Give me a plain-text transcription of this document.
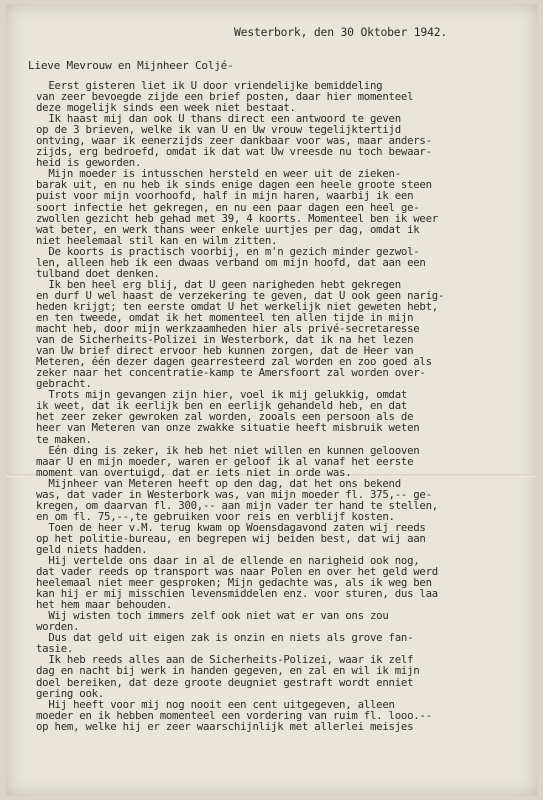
Westerbork, den 30 Oktober 1942.
Lieve Mevrouw en Mijnheer Coljé-
Eerst gisteren liet ik U door vriendelijke bemiddeling
van zeer bevoegde zijde een brief posten, daar hier momenteel
deze mogelijk sinds een week niet bestaat.
Ik haast mij dan ook U thans direct een antwoord te geven
op de 3 brieven, welke ik van U en Uw vrouw tegelijktertijd
ontving, waar ik eenerzijds zeer dankbaar voor was, maar anders-
zijds, erg bedroefd, omdat ik dat wat Uw vreesde nu toch bewaar-
heid is geworden.
Mijn moeder is intusschen hersteld en weer uit de zieken-
barak uit, en nu heb ik sinds enige dagen een heele groote steen
puist voor mijn voorhoofd, half in mijn haren, waarbij ik een
soort infectie het gekregen, en nu een paar dagen een heel ge-
zwollen gezicht heb gehad met 39, 4 koorts. Momenteel ben ik weer
wat beter, en werk thans weer enkele uurtjes per dag, omdat ik
niet heelemaal stil kan en wilm zitten.
De koorts is practisch voorbij, en m'n gezich minder gezwol-
len, alleen heb ik een dwaas verband om mijn hoofd, dat aan een
tulband doet denken.
Ik ben heel erg blij, dat U geen narigheden hebt gekregen
en durf U wel haast de verzekering te geven, dat U ook geen narig-
heden krijgt; ten eerste omdat U het werkelijk niet geweten hebt,
en ten tweede, omdat ik het momenteel ten allen tijde in mijn
macht heb, door mijn werkzaamheden hier als privé-secretaresse
van de Sicherheits-Polizei in Westerbork, dat ik na het lezen
van Uw brief direct ervoor heb kunnen zorgen, dat de Heer van
Meteren, één dezer dagen gearresteerd zal worden en zoo goed als
zeker naar het concentratie-kamp te Amersfoort zal worden over-
gebracht.
Trots mijn gevangen zijn hier, voel ik mij gelukkig, omdat
ik weet, dat ik eerlijk ben en eerlijk gehandeld heb, en dat
het zeer zeker gewroken zal worden, zooals een persoon als de
heer van Meteren van onze zwakke situatie heeft misbruik weten
te maken.
Eén ding is zeker, ik heb het niet willen en kunnen gelooven
maar U en mijn moeder, waren er geloof ik al vanaf het eerste
moment van overtuigd, dat er iets niet in orde was.
Mijnheer van Meteren heeft op den dag, dat het ons bekend
was, dat vader in Westerbork was, van mijn moeder fl. 375,-- ge-
kregen, om daarvan fl. 300,-- aan mijn vader ter hand te stellen,
en om fl. 75,--,te gebruiken voor reis en verblijf kosten.
Toen de heer v.M. terug kwam op Woensdagavond zaten wij reeds
op het politie-bureau, en begrepen wij beiden best, dat wij aan
geld niets hadden.
Hij vertelde ons daar in al de ellende en narigheid ook nog,
dat vader reeds op transport was naar Polen en over het geld werd
heelemaal niet meer gesproken; Mijn gedachte was, als ik weg ben
kan hij er mij misschien levensmiddelen enz. voor sturen, dus laa
het hem maar behouden.
Wij wisten toch immers zelf ook niet wat er van ons zou
worden.
Dus dat geld uit eigen zak is onzin en niets als grove fan-
tasie.
Ik heb reeds alles aan de Sicherheits-Polizei, waar ik zelf
dag en nacht bij werk in handen gegeven, en zal en wil ik mijn
doel bereiken, dat deze groote deugniet gestraft wordt enniet
gering ook.
Hij heeft voor mij nog nooit een cent uitgegeven, alleen
moeder en ik hebben momenteel een vordering van ruim fl. looo.--
op hem, welke hij er zeer waarschijnlijk met allerlei meisjes
